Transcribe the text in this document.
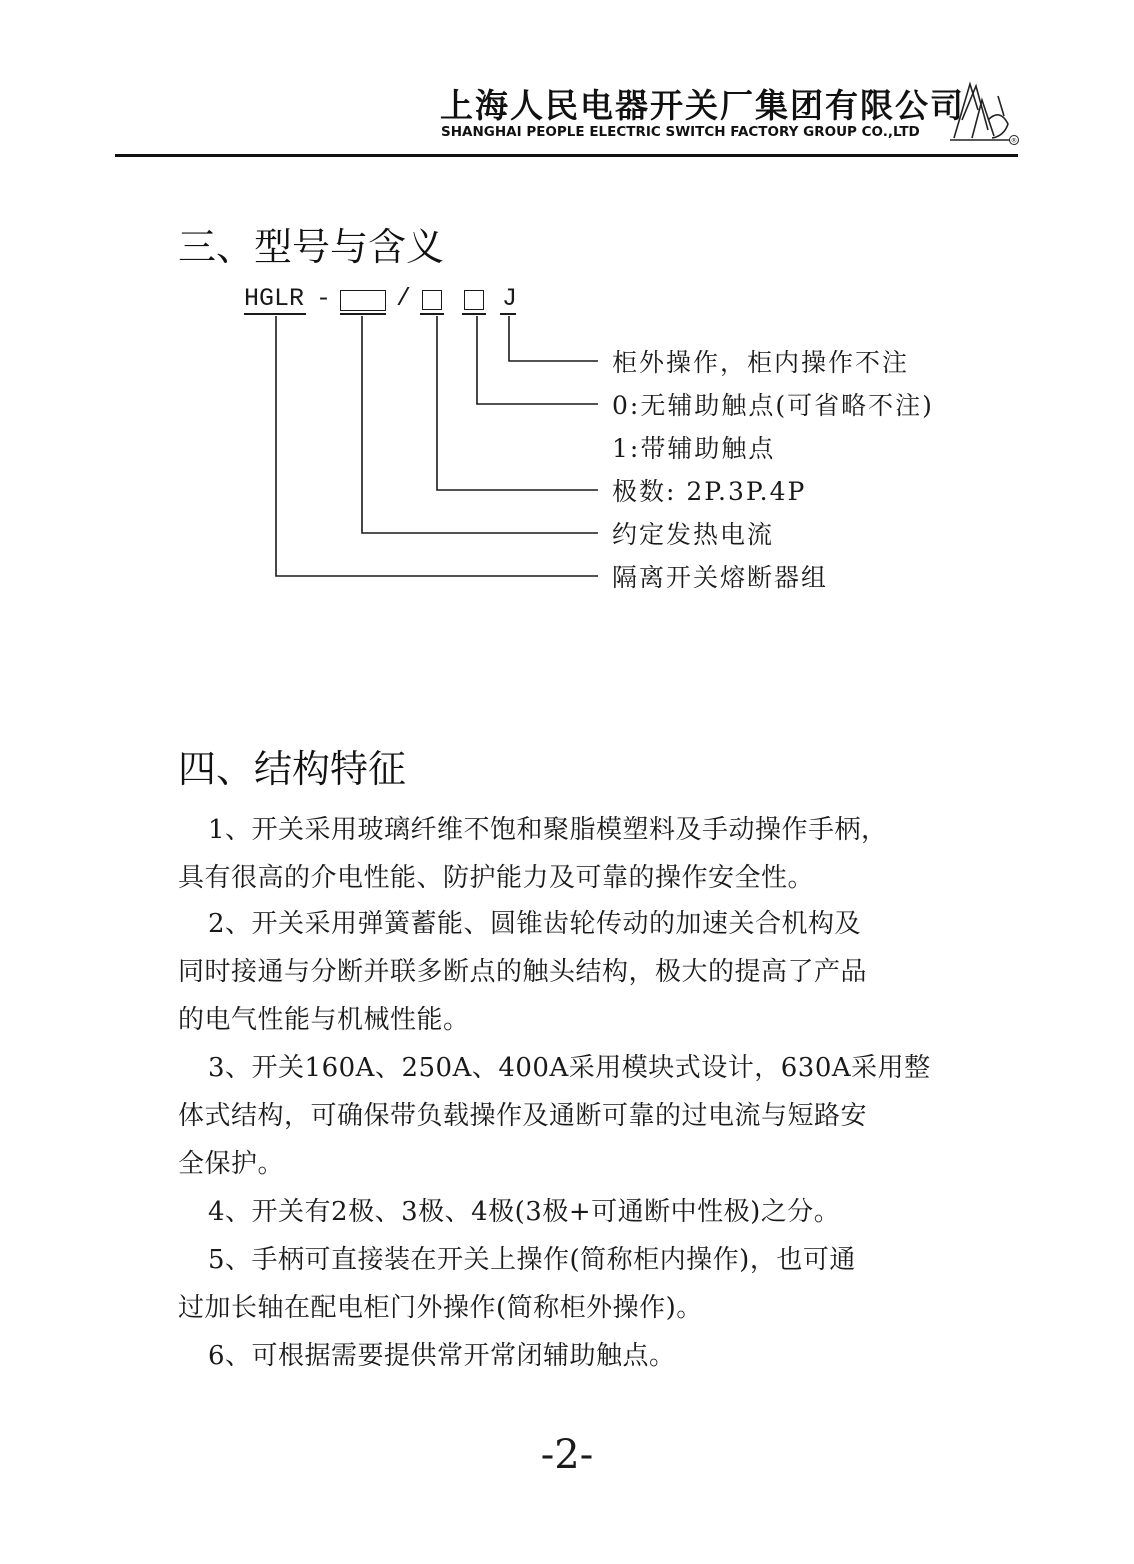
上海人民电器开关厂集团有限公司
SHANGHAI PEOPLE ELECTRIC SWITCH FACTORY GROUP CO.,LTD
®
三、型号与含义
HGLR -	/	J
柜外操作，柜内操作不注
0:无辅助触点(可省略不注)
1:带辅助触点
极数: 2P.3P.4P
约定发热电流
隔离开关熔断器组
四、结构特征
1、开关采用玻璃纤维不饱和聚脂模塑料及手动操作手柄，
具有很高的介电性能、防护能力及可靠的操作安全性。
2、开关采用弹簧蓄能、圆锥齿轮传动的加速关合机构及
同时接通与分断并联多断点的触头结构，极大的提高了产品
的电气性能与机械性能。
3、开关160A、250A、400A采用模块式设计，630A采用整
体式结构，可确保带负载操作及通断可靠的过电流与短路安
全保护。
4、开关有2极、3极、4极(3极+可通断中性极)之分。
5、手柄可直接装在开关上操作(简称柜内操作)，也可通
过加长轴在配电柜门外操作(简称柜外操作)。
6、可根据需要提供常开常闭辅助触点。
-2-
